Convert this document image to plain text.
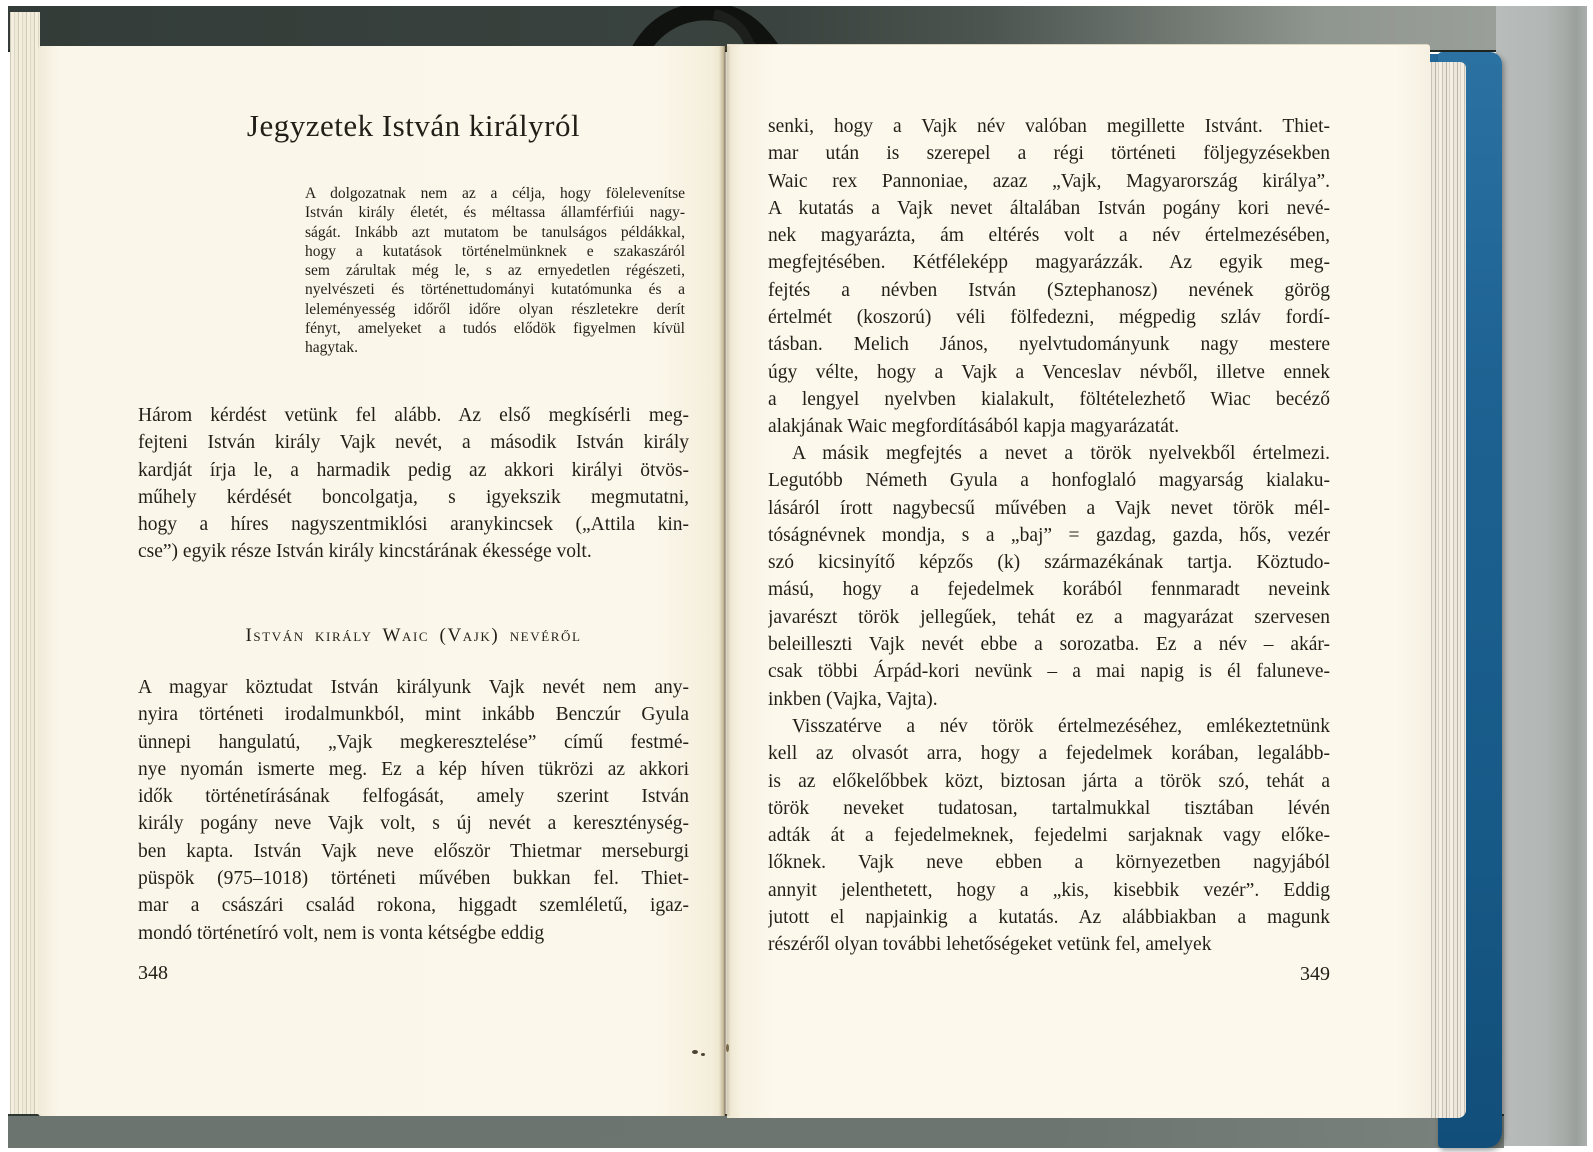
Jegyzetek István királyról
A dolgozatnak nem az a célja, hogy fölelevenítse
István király életét, és méltassa államférfiúi nagy-
ságát. Inkább azt mutatom be tanulságos példákkal,
hogy a kutatások történelmünknek e szakaszáról
sem zárultak még le, s az ernyedetlen régészeti,
nyelvészeti és történettudományi kutatómunka és a
leleményesség időről időre olyan részletekre derít
fényt, amelyeket a tudós elődök figyelmen kívül
hagytak.
Három kérdést vetünk fel alább. Az első megkísérli meg-
fejteni István király Vajk nevét, a második István király
kardját írja le, a harmadik pedig az akkori királyi ötvös-
műhely kérdését boncolgatja, s igyekszik megmutatni,
hogy a híres nagyszentmiklósi aranykincsek („Attila kin-
cse”) egyik része István király kincstárának ékessége volt.
István király Waic (Vajk) nevéről
A magyar köztudat István királyunk Vajk nevét nem any-
nyira történeti irodalmunkból, mint inkább Benczúr Gyula
ünnepi hangulatú, „Vajk megkeresztelése” című festmé-
nye nyomán ismerte meg. Ez a kép híven tükrözi az akkori
idők történetírásának felfogását, amely szerint István
király pogány neve Vajk volt, s új nevét a kereszténység-
ben kapta. István Vajk neve először Thietmar merseburgi
püspök (975–1018) történeti művében bukkan fel. Thiet-
mar a császári család rokona, higgadt szemléletű, igaz-
mondó történetíró volt, nem is vonta kétségbe eddig
348
senki, hogy a Vajk név valóban megillette Istvánt. Thiet-
mar után is szerepel a régi történeti följegyzésekben
Waic rex Pannoniae, azaz „Vajk, Magyarország királya”.
A kutatás a Vajk nevet általában István pogány kori nevé-
nek magyarázta, ám eltérés volt a név értelmezésében,
megfejtésében. Kétféleképp magyarázzák. Az egyik meg-
fejtés a névben István (Sztephanosz) nevének görög
értelmét (koszorú) véli fölfedezni, mégpedig szláv fordí-
tásban. Melich János, nyelvtudományunk nagy mestere
úgy vélte, hogy a Vajk a Venceslav névből, illetve ennek
a lengyel nyelvben kialakult, föltételezhető Wiac becéző
alakjának Waic megfordításából kapja magyarázatát.
A másik megfejtés a nevet a török nyelvekből értelmezi.
Legutóbb Németh Gyula a honfoglaló magyarság kialaku-
lásáról írott nagybecsű művében a Vajk nevet török mél-
tóságnévnek mondja, s a „baj” = gazdag, gazda, hős, vezér
szó kicsinyítő képzős (k) származékának tartja. Köztudo-
mású, hogy a fejedelmek korából fennmaradt neveink
javarészt török jellegűek, tehát ez a magyarázat szervesen
beleilleszti Vajk nevét ebbe a sorozatba. Ez a név – akár-
csak többi Árpád-kori nevünk – a mai napig is él faluneve-
inkben (Vajka, Vajta).
Visszatérve a név török értelmezéséhez, emlékeztetnünk
kell az olvasót arra, hogy a fejedelmek korában, legalább-
is az előkelőbbek közt, biztosan járta a török szó, tehát a
török neveket tudatosan, tartalmukkal tisztában lévén
adták át a fejedelmeknek, fejedelmi sarjaknak vagy előke-
lőknek. Vajk neve ebben a környezetben nagyjából
annyit jelenthetett, hogy a „kis, kisebbik vezér”. Eddig
jutott el napjainkig a kutatás. Az alábbiakban a magunk
részéről olyan további lehetőségeket vetünk fel, amelyek
349
